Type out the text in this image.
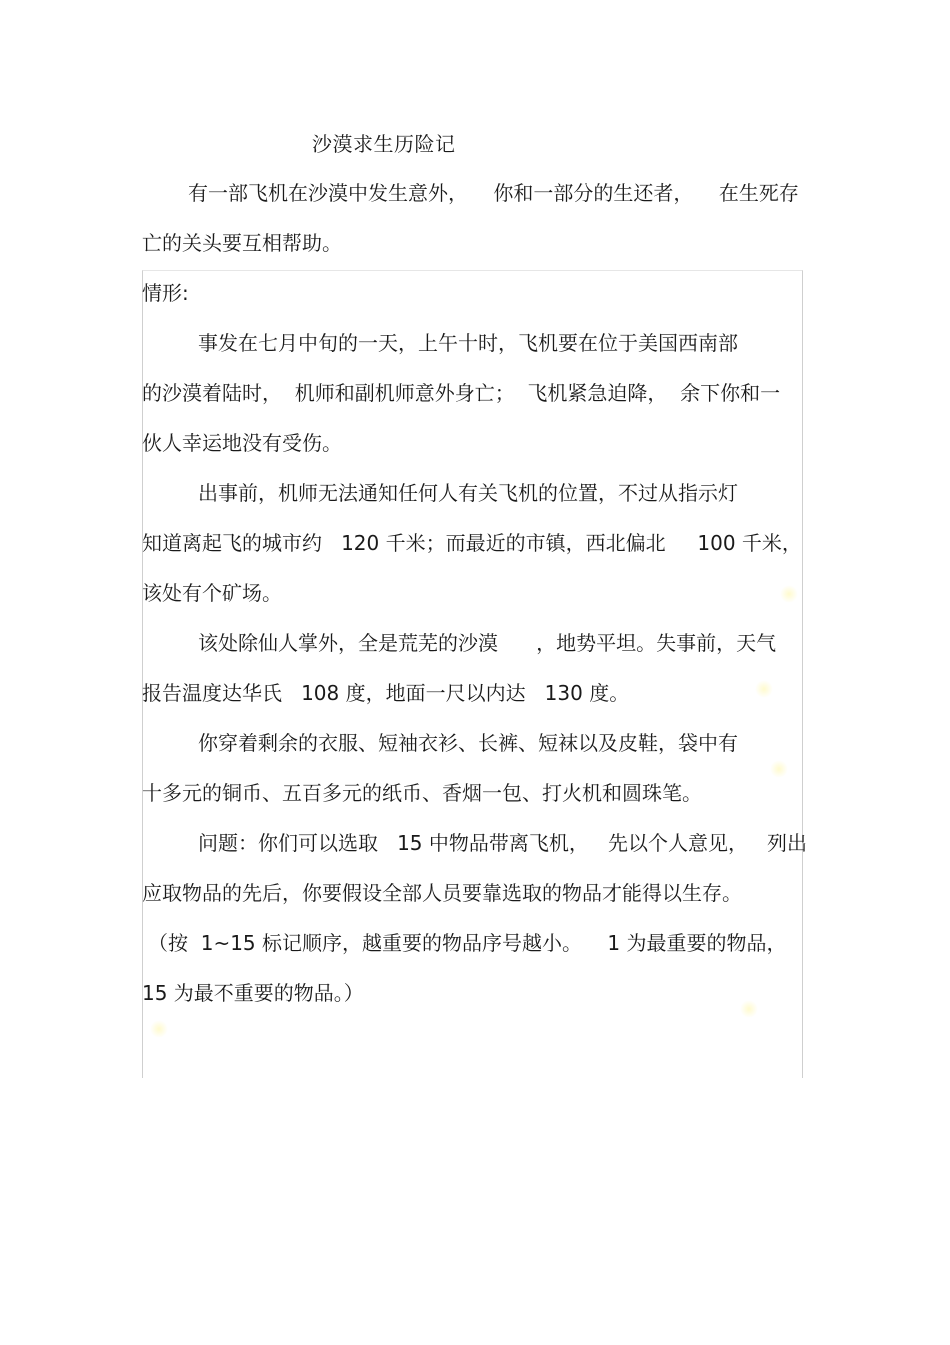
沙漠求生历险记
有一部飞机在沙漠中发生意外，    你和一部分的生还者，    在生死存
亡的关头要互相帮助。
情形:
事发在七月中旬的一天，上午十时，飞机要在位于美国西南部
的沙漠着陆时，  机师和副机师意外身亡；  飞机紧急迫降，  余下你和一
伙人幸运地没有受伤。
出事前，机师无法通知任何人有关飞机的位置，不过从指示灯
知道离起飞的城市约   120 千米；而最近的市镇，西北偏北     100 千米，
该处有个矿场。
该处除仙人掌外，全是荒芜的沙漠      ，地势平坦。失事前，天气
报告温度达华氏   108 度，地面一尺以内达   130 度。
你穿着剩余的衣服、短袖衣衫、长裤、短袜以及皮鞋，袋中有
十多元的铜币、五百多元的纸币、香烟一包、打火机和圆珠笔。
问题：你们可以选取   15 中物品带离飞机，   先以个人意见，   列出
应取物品的先后，你要假设全部人员要靠选取的物品才能得以生存。
（按  1~15 标记顺序，越重要的物品序号越小。    1 为最重要的物品，
15 为最不重要的物品。）
